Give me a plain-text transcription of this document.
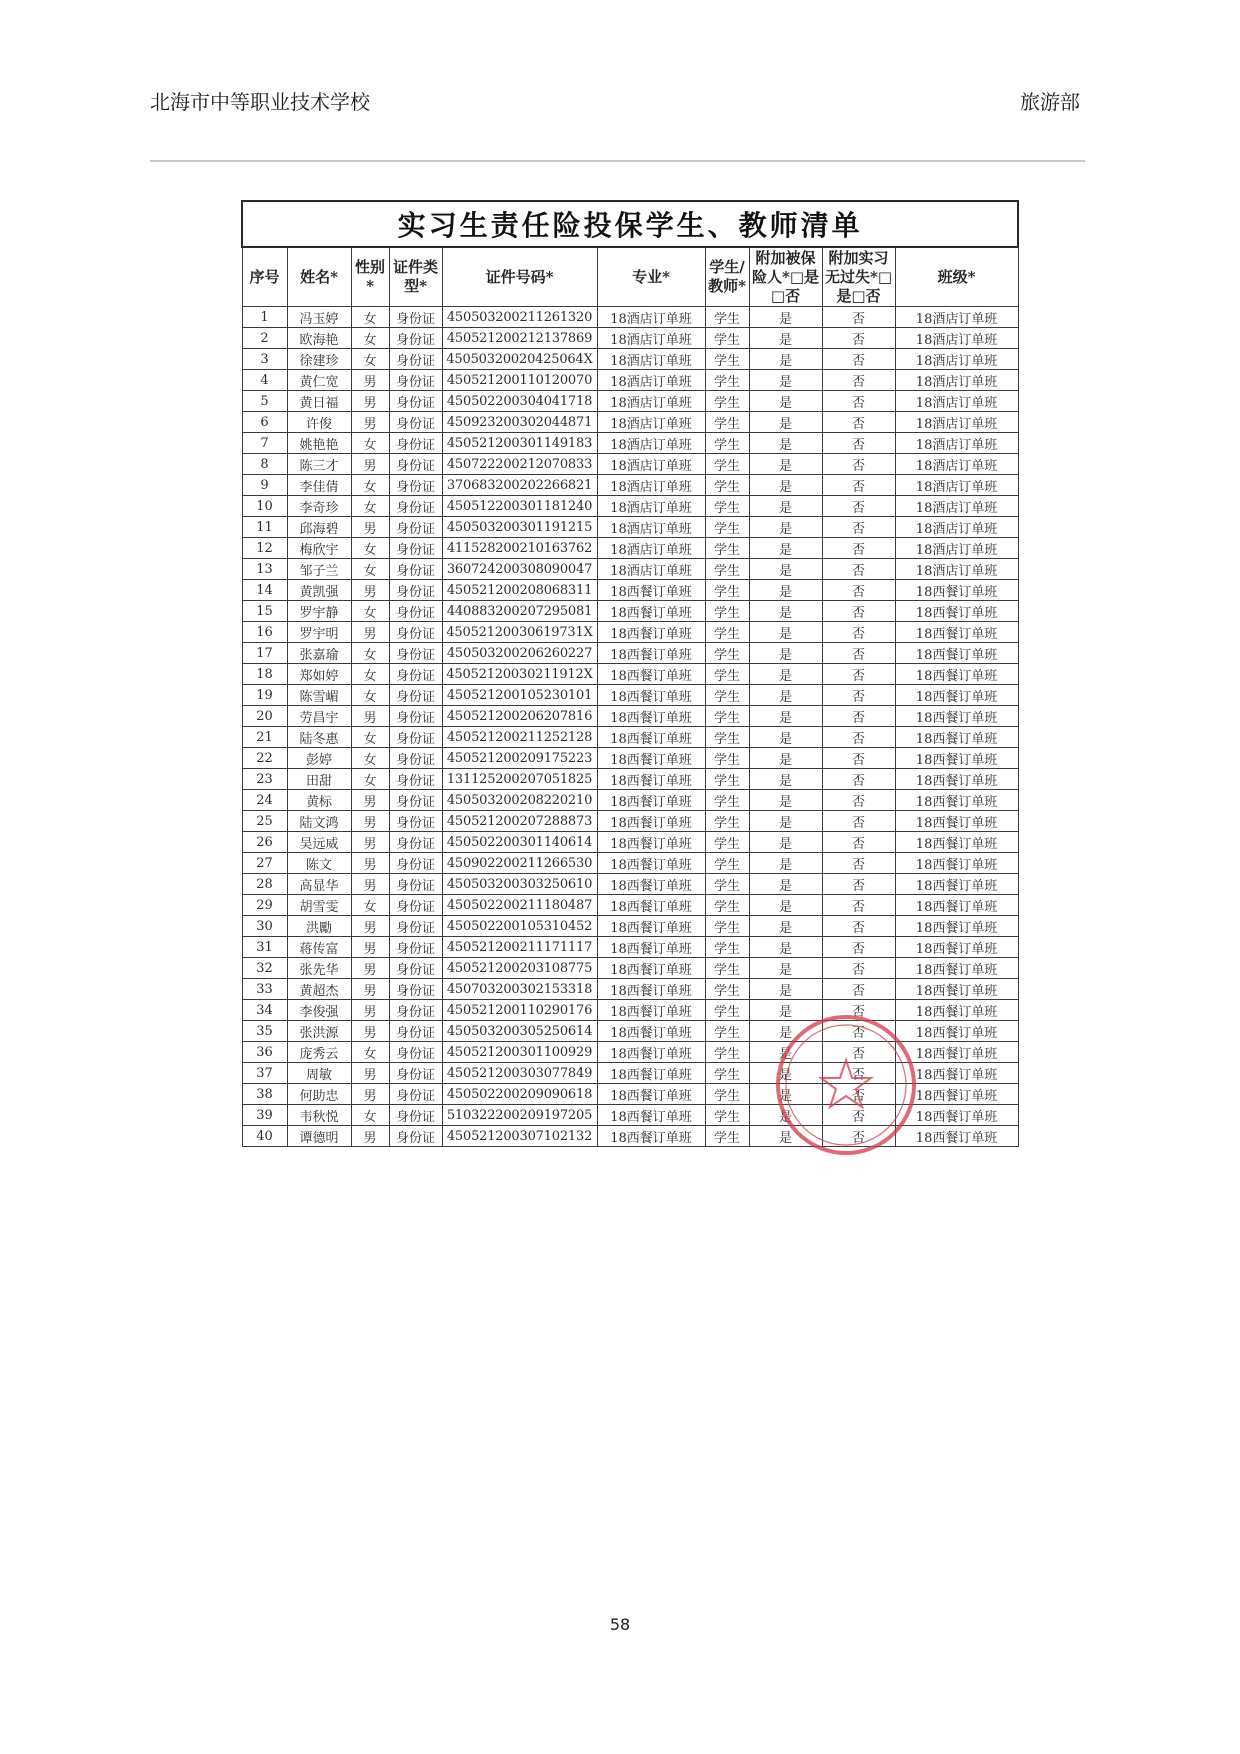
北海市中等职业技术学校	旅游部
实习生责任险投保学生、教师清单									
序号	姓名*	性别*	证件类型*	证件号码*	专业*	学生/教师*	附加被保险人*□是□否	附加实习无过失*□是□否	班级*
1	冯玉婷	女	身份证	450503200211261320	18酒店订单班	学生	是	否	18酒店订单班
2	欧海艳	女	身份证	450521200212137869	18酒店订单班	学生	是	否	18酒店订单班
3	徐建珍	女	身份证	45050320020425064X	18酒店订单班	学生	是	否	18酒店订单班
4	黄仁宽	男	身份证	450521200110120070	18酒店订单班	学生	是	否	18酒店订单班
5	黄日福	男	身份证	450502200304041718	18酒店订单班	学生	是	否	18酒店订单班
6	许俊	男	身份证	450923200302044871	18酒店订单班	学生	是	否	18酒店订单班
7	姚艳艳	女	身份证	450521200301149183	18酒店订单班	学生	是	否	18酒店订单班
8	陈三才	男	身份证	450722200212070833	18酒店订单班	学生	是	否	18酒店订单班
9	李佳倩	女	身份证	370683200202266821	18酒店订单班	学生	是	否	18酒店订单班
10	李奇珍	女	身份证	450512200301181240	18酒店订单班	学生	是	否	18酒店订单班
11	邱海碧	男	身份证	450503200301191215	18酒店订单班	学生	是	否	18酒店订单班
12	梅欣宇	女	身份证	411528200210163762	18酒店订单班	学生	是	否	18酒店订单班
13	邹子兰	女	身份证	360724200308090047	18酒店订单班	学生	是	否	18酒店订单班
14	黄凯强	男	身份证	450521200208068311	18西餐订单班	学生	是	否	18西餐订单班
15	罗宇静	女	身份证	440883200207295081	18西餐订单班	学生	是	否	18西餐订单班
16	罗宇明	男	身份证	45052120030619731X	18西餐订单班	学生	是	否	18西餐订单班
17	张嘉瑜	女	身份证	450503200206260227	18西餐订单班	学生	是	否	18西餐订单班
18	郑如婷	女	身份证	45052120030211912X	18西餐订单班	学生	是	否	18西餐订单班
19	陈雪嵋	女	身份证	450521200105230101	18西餐订单班	学生	是	否	18西餐订单班
20	劳昌宇	男	身份证	450521200206207816	18西餐订单班	学生	是	否	18西餐订单班
21	陆冬惠	女	身份证	450521200211252128	18西餐订单班	学生	是	否	18西餐订单班
22	彭婷	女	身份证	450521200209175223	18西餐订单班	学生	是	否	18西餐订单班
23	田甜	女	身份证	131125200207051825	18西餐订单班	学生	是	否	18西餐订单班
24	黄标	男	身份证	450503200208220210	18西餐订单班	学生	是	否	18西餐订单班
25	陆文鸿	男	身份证	450521200207288873	18西餐订单班	学生	是	否	18西餐订单班
26	吴远威	男	身份证	450502200301140614	18西餐订单班	学生	是	否	18西餐订单班
27	陈文	男	身份证	450902200211266530	18西餐订单班	学生	是	否	18西餐订单班
28	高显华	男	身份证	450503200303250610	18西餐订单班	学生	是	否	18西餐订单班
29	胡雪雯	女	身份证	450502200211180487	18西餐订单班	学生	是	否	18西餐订单班
30	洪勵	男	身份证	450502200105310452	18西餐订单班	学生	是	否	18西餐订单班
31	蒋传富	男	身份证	450521200211171117	18西餐订单班	学生	是	否	18西餐订单班
32	张先华	男	身份证	450521200203108775	18西餐订单班	学生	是	否	18西餐订单班
33	黄超杰	男	身份证	450703200302153318	18西餐订单班	学生	是	否	18西餐订单班
34	李俊强	男	身份证	450521200110290176	18西餐订单班	学生	是	否	18西餐订单班
35	张洪源	男	身份证	450503200305250614	18西餐订单班	学生	是	否	18西餐订单班
36	庞秀云	女	身份证	450521200301100929	18西餐订单班	学生	是	否	18西餐订单班
37	周敏	男	身份证	450521200303077849	18西餐订单班	学生	是	否	18西餐订单班
38	何助忠	男	身份证	450502200209090618	18西餐订单班	学生	是	否	18西餐订单班
39	韦秋悦	女	身份证	510322200209197205	18西餐订单班	学生	是	否	18西餐订单班
40	谭德明	男	身份证	450521200307102132	18西餐订单班	学生	是	否	18西餐订单班
58
